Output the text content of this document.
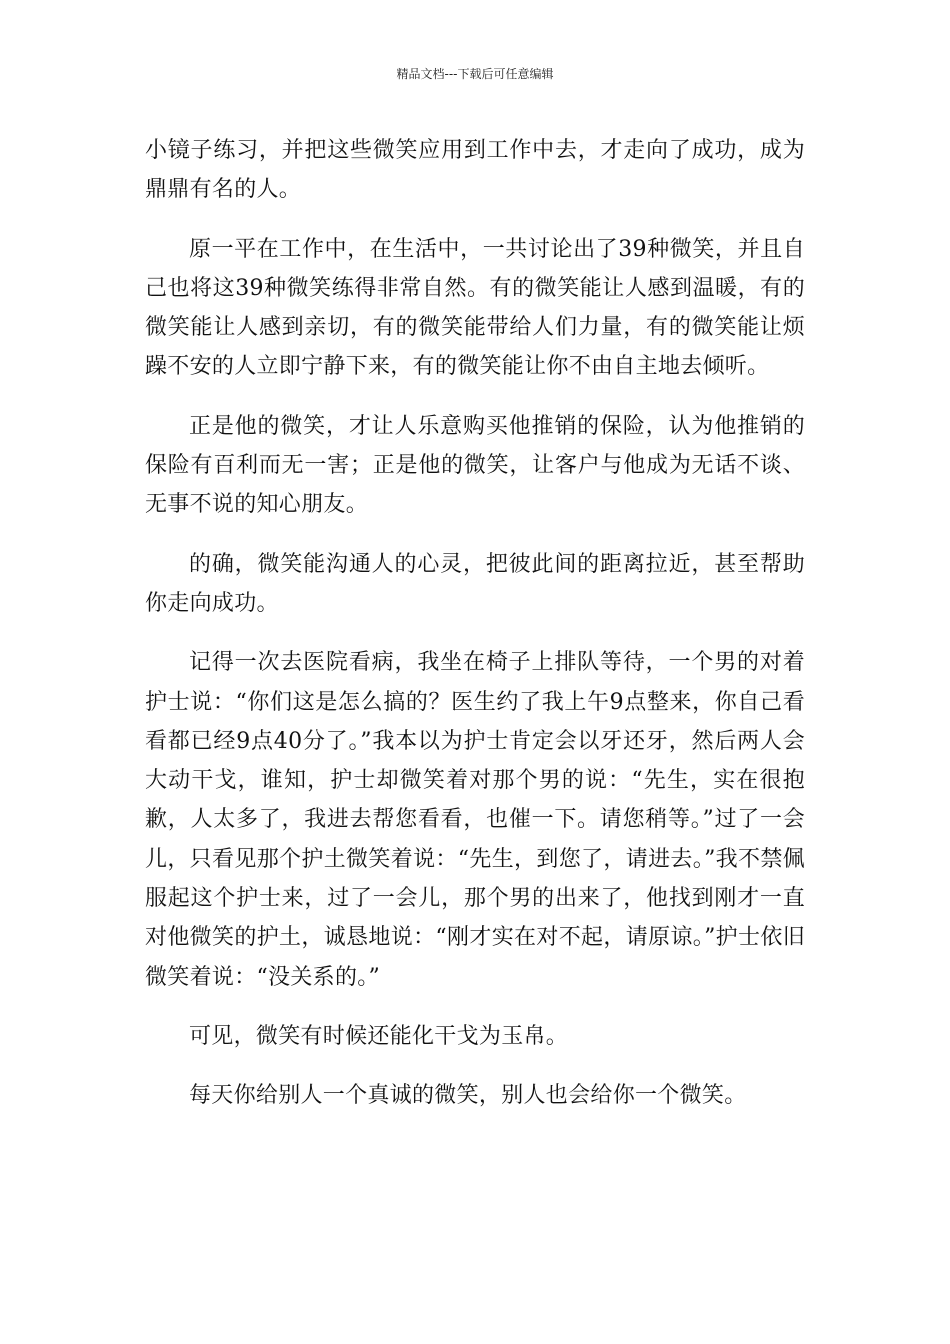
精品文档---下载后可任意编辑

小镜子练习，并把这些微笑应用到工作中去，才走向了成功，成为鼎鼎有名的人。

原一平在工作中，在生活中，一共讨论出了39种微笑，并且自己也将这39种微笑练得非常自然。有的微笑能让人感到温暖，有的微笑能让人感到亲切，有的微笑能带给人们力量，有的微笑能让烦躁不安的人立即宁静下来，有的微笑能让你不由自主地去倾听。

正是他的微笑，才让人乐意购买他推销的保险，认为他推销的保险有百利而无一害；正是他的微笑，让客户与他成为无话不谈、无事不说的知心朋友。

的确，微笑能沟通人的心灵，把彼此间的距离拉近，甚至帮助你走向成功。

记得一次去医院看病，我坐在椅子上排队等待，一个男的对着护士说：“你们这是怎么搞的？医生约了我上午9点整来，你自己看看都已经9点40分了。”我本以为护士肯定会以牙还牙，然后两人会大动干戈，谁知，护士却微笑着对那个男的说：“先生，实在很抱歉，人太多了，我进去帮您看看，也催一下。请您稍等。”过了一会儿，只看见那个护土微笑着说：“先生，到您了，请进去。”我不禁佩服起这个护士来，过了一会儿，那个男的出来了，他找到刚才一直对他微笑的护土，诚恳地说：“刚才实在对不起，请原谅。”护士依旧微笑着说：“没关系的。”

可见，微笑有时候还能化干戈为玉帛。

每天你给别人一个真诚的微笑，别人也会给你一个微笑。
